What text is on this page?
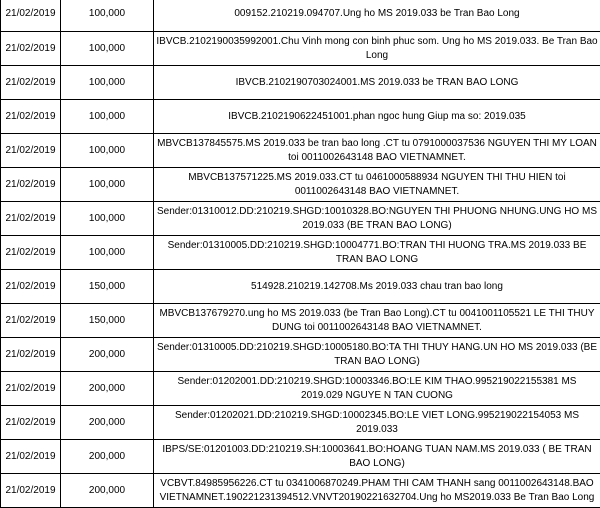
21/02/2019	100,000	009152.210219.094707.Ung ho MS 2019.033 be Tran Bao Long
21/02/2019	100,000	IBVCB.2102190035992001.Chu Vinh mong con binh phuc som. Ung ho MS 2019.033. Be Tran Bao Long
21/02/2019	100,000	IBVCB.2102190703024001.MS 2019.033 be TRAN BAO LONG
21/02/2019	100,000	IBVCB.2102190622451001.phan ngoc hung Giup ma so: 2019.035
21/02/2019	100,000	MBVCB137845575.MS 2019.033 be tran bao long .CT tu 0791000037536 NGUYEN THI MY LOAN toi 0011002643148 BAO VIETNAMNET.
21/02/2019	100,000	MBVCB137571225.MS 2019.033.CT tu 0461000588934 NGUYEN THI THU HIEN toi 0011002643148 BAO VIETNAMNET.
21/02/2019	100,000	Sender:01310012.DD:210219.SHGD:10010328.BO:NGUYEN THI PHUONG NHUNG.UNG HO MS 2019.033 (BE TRAN BAO LONG)
21/02/2019	100,000	Sender:01310005.DD:210219.SHGD:10004771.BO:TRAN THI HUONG TRA.MS 2019.033 BE TRAN BAO LONG
21/02/2019	150,000	514928.210219.142708.Ms 2019.033 chau tran bao long
21/02/2019	150,000	MBVCB137679270.ung ho MS 2019.033 (be Tran Bao Long).CT tu 0041001105521 LE THI THUY DUNG toi 0011002643148 BAO VIETNAMNET.
21/02/2019	200,000	Sender:01310005.DD:210219.SHGD:10005180.BO:TA THI THUY HANG.UN HO MS 2019.033 (BE TRAN BAO LONG)
21/02/2019	200,000	Sender:01202001.DD:210219.SHGD:10003346.BO:LE KIM THAO.995219022155381 MS 2019.029 NGUYE N TAN CUONG
21/02/2019	200,000	Sender:01202021.DD:210219.SHGD:10002345.BO:LE VIET LONG.995219022154053 MS 2019.033
21/02/2019	200,000	IBPS/SE:01201003.DD:210219.SH:10003641.BO:HOANG TUAN NAM.MS 2019.033 ( BE TRAN BAO LONG)
21/02/2019	200,000	VCBVT.84985956226.CT tu 0341006870249.PHAM THI CAM THANH sang 0011002643148.BAO VIETNAMNET.190221231394512.VNVT20190221632704.Ung ho MS2019.033 Be Tran Bao Long
